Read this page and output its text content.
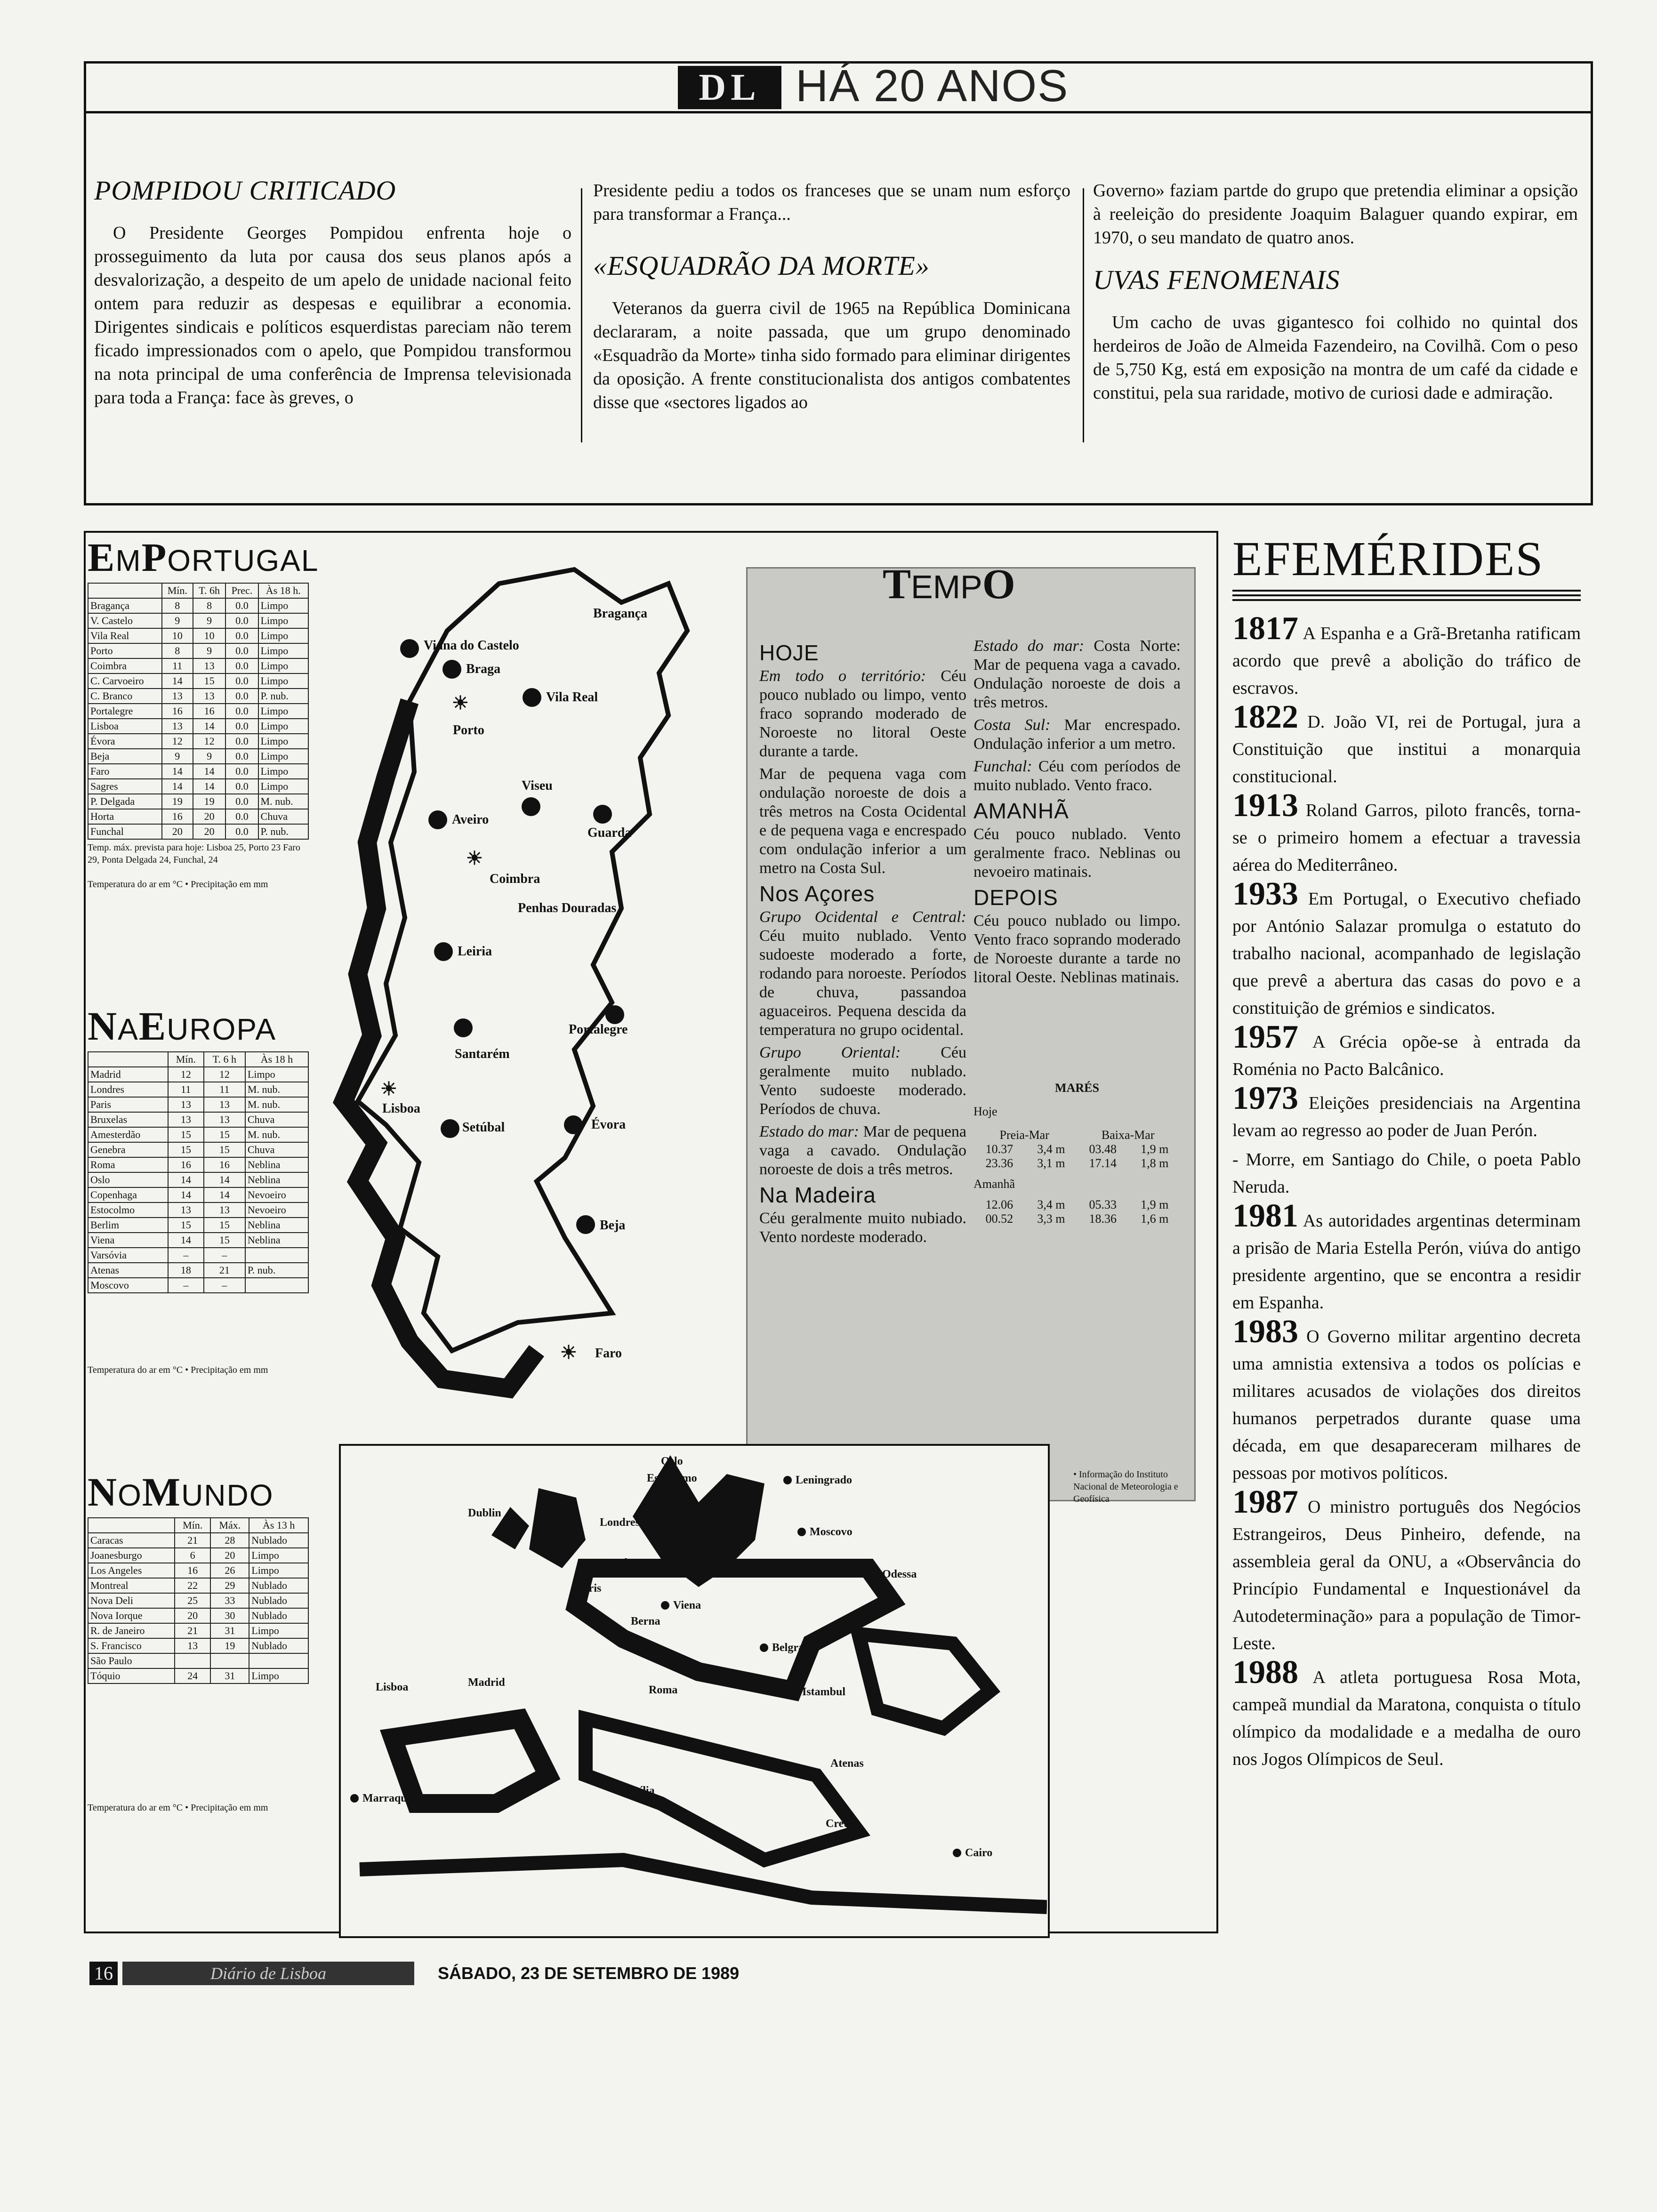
DL HÁ 20 ANOS
POMPIDOU CRITICADO

O Presidente Georges Pompidou enfrenta hoje o prosseguimento da luta por causa dos seus planos após a desvalorização, a despeito de um apelo de unidade nacional feito ontem para reduzir as despesas e equilibrar a economia. Dirigentes sindicais e políticos esquerdistas pareciam não terem ficado impressionados com o apelo, que Pompidou transformou na nota principal de uma conferência de Imprensa televisionada para toda a França: face às greves, o

Presidente pediu a todos os franceses que se unam num esforço para transformar a França...

«ESQUADRÃO DA MORTE»

Veteranos da guerra civil de 1965 na República Dominicana declararam, a noite passada, que um grupo denominado «Esquadrão da Morte» tinha sido formado para eliminar dirigentes da oposição. A frente constitucionalista dos antigos combatentes disse que «sectores ligados ao

Governo» faziam partde do grupo que pretendia eliminar a opsição à reeleição do presidente Joaquim Balaguer quando expirar, em 1970, o seu mandato de quatro anos.

UVAS FENOMENAIS

Um cacho de uvas gigantesco foi colhido no quintal dos herdeiros de João de Almeida Fazendeiro, na Covilhã. Com o peso de 5,750 Kg, está em exposição na montra de um café da cidade e constitui, pela sua raridade, motivo de curiosi dade e admiração.

EMPORTUGAL
	Mín.	T. 6h	Prec.	Às 18 h.
Bragança	8	8	0.0	Limpo
V. Castelo	9	9	0.0	Limpo
Vila Real	10	10	0.0	Limpo
Porto	8	9	0.0	Limpo
Coimbra	11	13	0.0	Limpo
C. Carvoeiro	14	15	0.0	Limpo
C. Branco	13	13	0.0	P. nub.
Portalegre	16	16	0.0	Limpo
Lisboa	13	14	0.0	Limpo
Évora	12	12	0.0	Limpo
Beja	9	9	0.0	Limpo
Faro	14	14	0.0	Limpo
Sagres	14	14	0.0	Limpo
P. Delgada	19	19	0.0	M. nub.
Horta	16	20	0.0	Chuva
Funchal	20	20	0.0	P. nub.
Temp. máx. prevista para hoje: Lisboa 25, Porto 23 Faro 29, Ponta Delgada 24, Funchal, 24
Temperatura do ar em °C • Precipitação em mm
NAEUROPA
	Mín.	T. 6 h	Às 18 h
Madrid	12	12	Limpo
Londres	11	11	M. nub.
Paris	13	13	M. nub.
Bruxelas	13	13	Chuva
Amesterdão	15	15	M. nub.
Genebra	15	15	Chuva
Roma	16	16	Neblina
Oslo	14	14	Neblina
Copenhaga	14	14	Nevoeiro
Estocolmo	13	13	Nevoeiro
Berlim	15	15	Neblina
Viena	14	15	Neblina
Varsóvia	–	–	
Atenas	18	21	P. nub.
Moscovo	–	–	
Temperatura do ar em °C • Precipitação em mm
NOMUNDO
	Mín.	Máx.	Às 13 h
Caracas	21	28	Nublado
Joanesburgo	6	20	Limpo
Los Angeles	16	26	Limpo
Montreal	22	29	Nublado
Nova Deli	25	33	Nublado
Nova Iorque	20	30	Nublado
R. de Janeiro	21	31	Limpo
S. Francisco	13	19	Nublado
São Paulo			
Tóquio	24	31	Limpo
Temperatura do ar em °C • Precipitação em mm
Bragança
Viana do Castelo
Braga
Vila Real
☀
Porto
Viseu
Aveiro
Guarda
☀
Coimbra
Penhas Douradas
Leiria
Portalegre
Santarém
☀
Lisboa
Setúbal	Évora
Beja
☀ Faro
HOJE

Em todo o território: Céu pouco nublado ou limpo, vento fraco soprando moderado de Noroeste no litoral Oeste durante a tarde.

Mar de pequena vaga com ondulação noroeste de dois a três metros na Costa Ocidental e de pequena vaga e encrespado com ondulação inferior a um metro na Costa Sul.

Nos Açores

Grupo Ocidental e Central: Céu muito nublado. Vento sudoeste moderado a forte, rodando para noroeste. Períodos de chuva, passandoa aguaceiros. Pequena descida da temperatura no grupo ocidental.

Grupo Oriental: Céu geralmente muito nublado. Vento sudoeste moderado. Períodos de chuva.

Estado do mar: Mar de pequena vaga a cavado. Ondulação noroeste de dois a três metros.

Na Madeira

Céu geralmente muito nubiado. Vento nordeste moderado.

Estado do mar: Costa Norte: Mar de pequena vaga a cavado. Ondulação noroeste de dois a três metros.

Costa Sul: Mar encrespado. Ondulação inferior a um metro.

Funchal: Céu com períodos de muito nublado. Vento fraco.

AMANHÃ

Céu pouco nublado. Vento geralmente fraco. Neblinas ou nevoeiro matinais.

DEPOIS

Céu pouco nublado ou limpo. Vento fraco soprando moderado de Noroeste durante a tarde no litoral Oeste. Neblinas matinais.

MARÉS
Hoje
Preia-Mar	Baixa-Mar
10.37 3,4 m 03.48 1,9 m
23.36 3,1 m 17.14 1,8 m
Amanhã
12.06 3,4 m 05.33 1,9 m
00.52 3,3 m 18.36 1,6 m
TEMPO
• Informação do Instituto Nacional de Meteorologia e Geofísica
Oslo
Estocolmo	Leningrado
Dublin
Londres
Moscovo
Bruxelas	Berlim
Paris
Odessa
Viena
Berna
Belgrado
Lisboa	Madrid
Roma	Istambul
Atenas
Sicília
Creta
Marraquexe
Cairo
EFEMÉRIDES
1817 A Espanha e a Grã-Bretanha ratificam acordo que prevê a abolição do tráfico de escravos.
1822 D. João VI, rei de Portugal, jura a Constituição que institui a monarquia constitucional.
1913 Roland Garros, piloto francês, torna-se o primeiro homem a efectuar a travessia aérea do Mediterrâneo.
1933 Em Portugal, o Executivo chefiado por António Salazar promulga o estatuto do trabalho nacional, acompanhado de legislação que prevê a abertura das casas do povo e a constituição de grémios e sindicatos.
1957 A Grécia opõe-se à entrada da Roménia no Pacto Balcânico.
1973 Eleições presidenciais na Argentina levam ao regresso ao poder de Juan Perón.
- Morre, em Santiago do Chile, o poeta Pablo Neruda.
1981 As autoridades argentinas determinam a prisão de Maria Estella Perón, viúva do antigo presidente argentino, que se encontra a residir em Espanha.
1983 O Governo militar argentino decreta uma amnistia extensiva a todos os polícias e militares acusados de violações dos direitos humanos perpetrados durante quase uma década, em que desapareceram milhares de pessoas por motivos políticos.
1987 O ministro português dos Negócios Estrangeiros, Deus Pinheiro, defende, na assembleia geral da ONU, a «Observância do Princípio Fundamental e Inquestionável da Autodeterminação» para a população de Timor-Leste.
1988 A atleta portuguesa Rosa Mota, campeã mundial da Maratona, conquista o título olímpico da modalidade e a medalha de ouro nos Jogos Olímpicos de Seul.
16	Diário de Lisboa	SÁBADO, 23 DE SETEMBRO DE 1989
